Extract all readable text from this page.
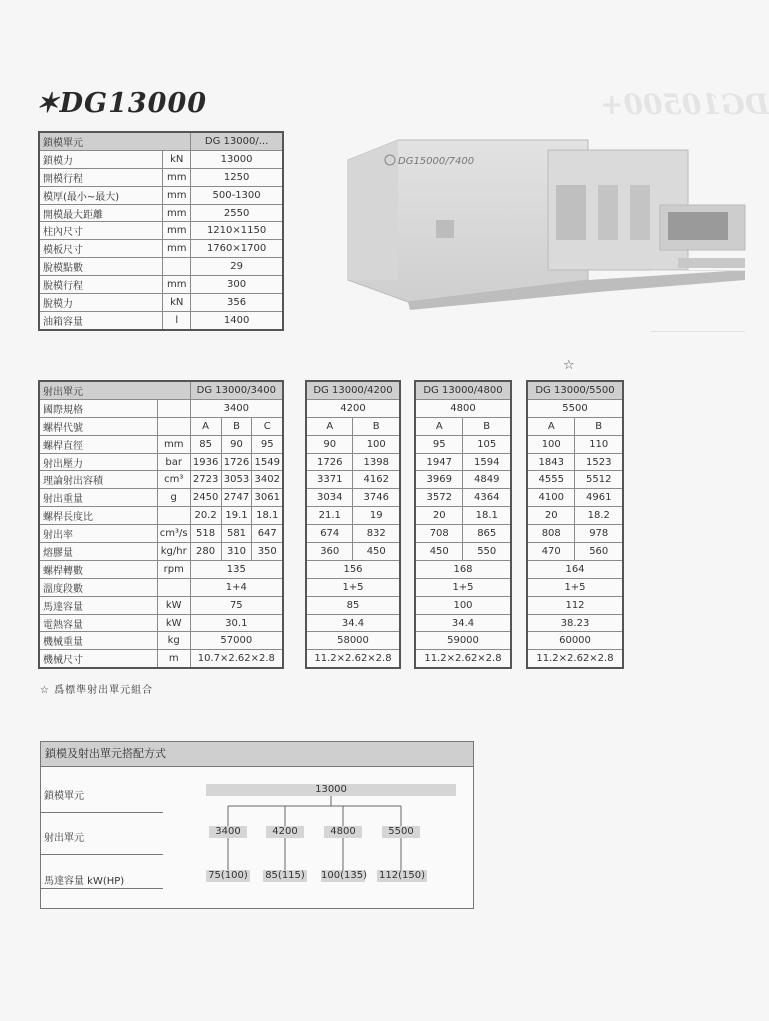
DG10500+
✶DG13000
鎖模單元		DG 13000/...
鎖模力	kN	13000
開模行程	mm	1250
模厚(最小~最大)	mm	500-1300
開模最大距離	mm	2550
柱內尺寸	mm	1210×1150
模板尺寸	mm	1760×1700
脫模點數		29
脫模行程	mm	300
脫模力	kN	356
油箱容量	l	1400
DG15000/7400
☆
射出單元		DG 13000/3400		
國際規格		3400		
螺桿代號		A	B	C
螺桿直徑	mm	85	90	95
射出壓力	bar	1936	1726	1549
理論射出容積	cm³	2723	3053	3402
射出重量	g	2450	2747	3061
螺桿長度比		20.2	19.1	18.1
射出率	cm³/s	518	581	647
熔膠量	kg/hr	280	310	350
螺桿轉數	rpm	135		
溫度段數		1+4		
馬達容量	kW	75		
電熱容量	kW	30.1		
機械重量	kg	57000		
機械尺寸	m	10.7×2.62×2.8		
DG 13000/4200	
4200	
A	B
90	100
1726	1398
3371	4162
3034	3746
21.1	19
674	832
360	450
156	
1+5	
85	
34.4	
58000	
11.2×2.62×2.8	
DG 13000/4800	
4800	
A	B
95	105
1947	1594
3969	4849
3572	4364
20	18.1
708	865
450	550
168	
1+5	
100	
34.4	
59000	
11.2×2.62×2.8	
DG 13000/5500	
5500	
A	B
100	110
1843	1523
4555	5512
4100	4961
20	18.2
808	978
470	560
164	
1+5	
112	
38.23	
60000	
11.2×2.62×2.8	
☆ 爲標準射出單元組合
鎖模及射出單元搭配方式
鎖模單元
射出單元
馬達容量 kW(HP)
13000
3400	4200	4800	5500
75(100) 85(115) 100(135) 112(150)
